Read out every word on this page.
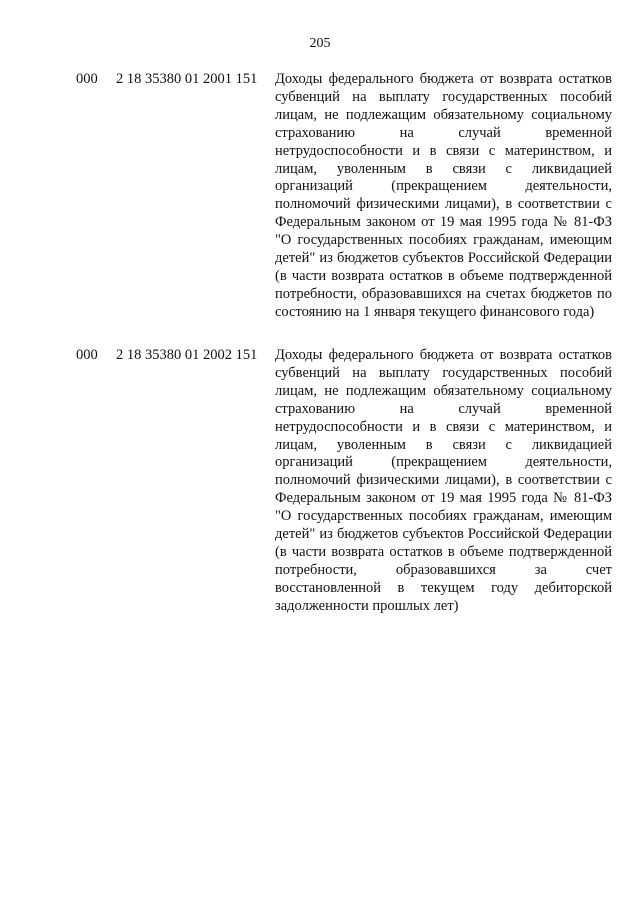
205
000 2 18 35380 01 2001 151 Доходы федерального бюджета от возврата остатков субвенций на выплату государственных пособий лицам, не подлежащим обязательному социальному страхованию на случай временной нетрудоспособности и в связи с материнством, и лицам, уволенным в связи с ликвидацией организаций (прекращением деятельности, полномочий физическими лицами), в соответствии с Федеральным законом от 19 мая 1995 года № 81-ФЗ "О государственных пособиях гражданам, имеющим детей" из бюджетов субъектов Российской Федерации (в части возврата остатков в объеме подтвержденной потребности, образовавшихся на счетах бюджетов по состоянию на 1 января текущего финансового года)
000 2 18 35380 01 2002 151 Доходы федерального бюджета от возврата остатков субвенций на выплату государственных пособий лицам, не подлежащим обязательному социальному страхованию на случай временной нетрудоспособности и в связи с материнством, и лицам, уволенным в связи с ликвидацией организаций (прекращением деятельности, полномочий физическими лицами), в соответствии с Федеральным законом от 19 мая 1995 года № 81-ФЗ "О государственных пособиях гражданам, имеющим детей" из бюджетов субъектов Российской Федерации (в части возврата остатков в объеме подтвержденной потребности, образовавшихся за счет восстановленной в текущем году дебиторской задолженности прошлых лет)
